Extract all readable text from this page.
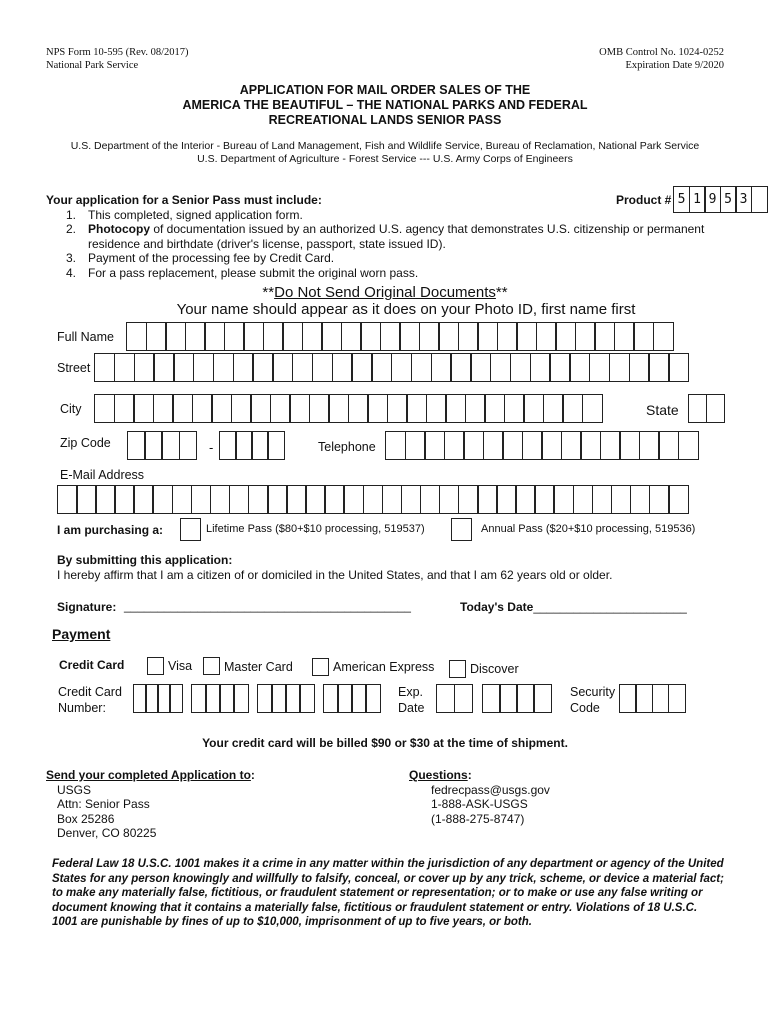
NPS Form 10-595 (Rev. 08/2017)
National Park Service
OMB Control No. 1024-0252
Expiration Date 9/2020
APPLICATION FOR MAIL ORDER SALES OF THE
AMERICA THE BEAUTIFUL – THE NATIONAL PARKS AND FEDERAL
RECREATIONAL LANDS SENIOR PASS
U.S. Department of the Interior - Bureau of Land Management, Fish and Wildlife Service, Bureau of Reclamation, National Park Service
U.S. Department of Agriculture - Forest Service --- U.S. Army Corps of Engineers
Your application for a Senior Pass must include:
1. This completed, signed application form.
2. Photocopy of documentation issued by an authorized U.S. agency that demonstrates U.S. citizenship or permanent residence and birthdate (driver's license, passport, state issued ID).
3. Payment of the processing fee by Credit Card.
4. For a pass replacement, please submit the original worn pass.
Product # 5 1 9 5 3
**Do Not Send Original Documents**
Your name should appear as it does on your Photo ID, first name first
Full Name
Street
City	State
Zip Code	-	Telephone
E-Mail Address
I am purchasing a:	Lifetime Pass ($80+$10 processing, 519537)	Annual Pass ($20+$10 processing, 519536)
By submitting this application:
I hereby affirm that I am a citizen of or domiciled in the United States, and that I am 62 years old or older.
Signature: ___________________________________________	Today's Date_______________________
Payment
Credit Card	Visa	Master Card	American Express	Discover
Credit Card
Number:
Exp.
Date
Security
Code
Your credit card will be billed $90 or $30 at the time of shipment.
Send your completed Application to:
USGS
Attn: Senior Pass
Box 25286
Denver, CO 80225
Questions:
fedrecpass@usgs.gov
1-888-ASK-USGS
(1-888-275-8747)
Federal Law 18 U.S.C. 1001 makes it a crime in any matter within the jurisdiction of any department or agency of the United States for any person knowingly and willfully to falsify, conceal, or cover up by any trick, scheme, or device a material fact; to make any materially false, fictitious, or fraudulent statement or representation; or to make or use any false writing or document knowing that it contains a materially false, fictitious or fraudulent statement or entry. Violations of 18 U.S.C. 1001 are punishable by fines of up to $10,000, imprisonment of up to five years, or both.
